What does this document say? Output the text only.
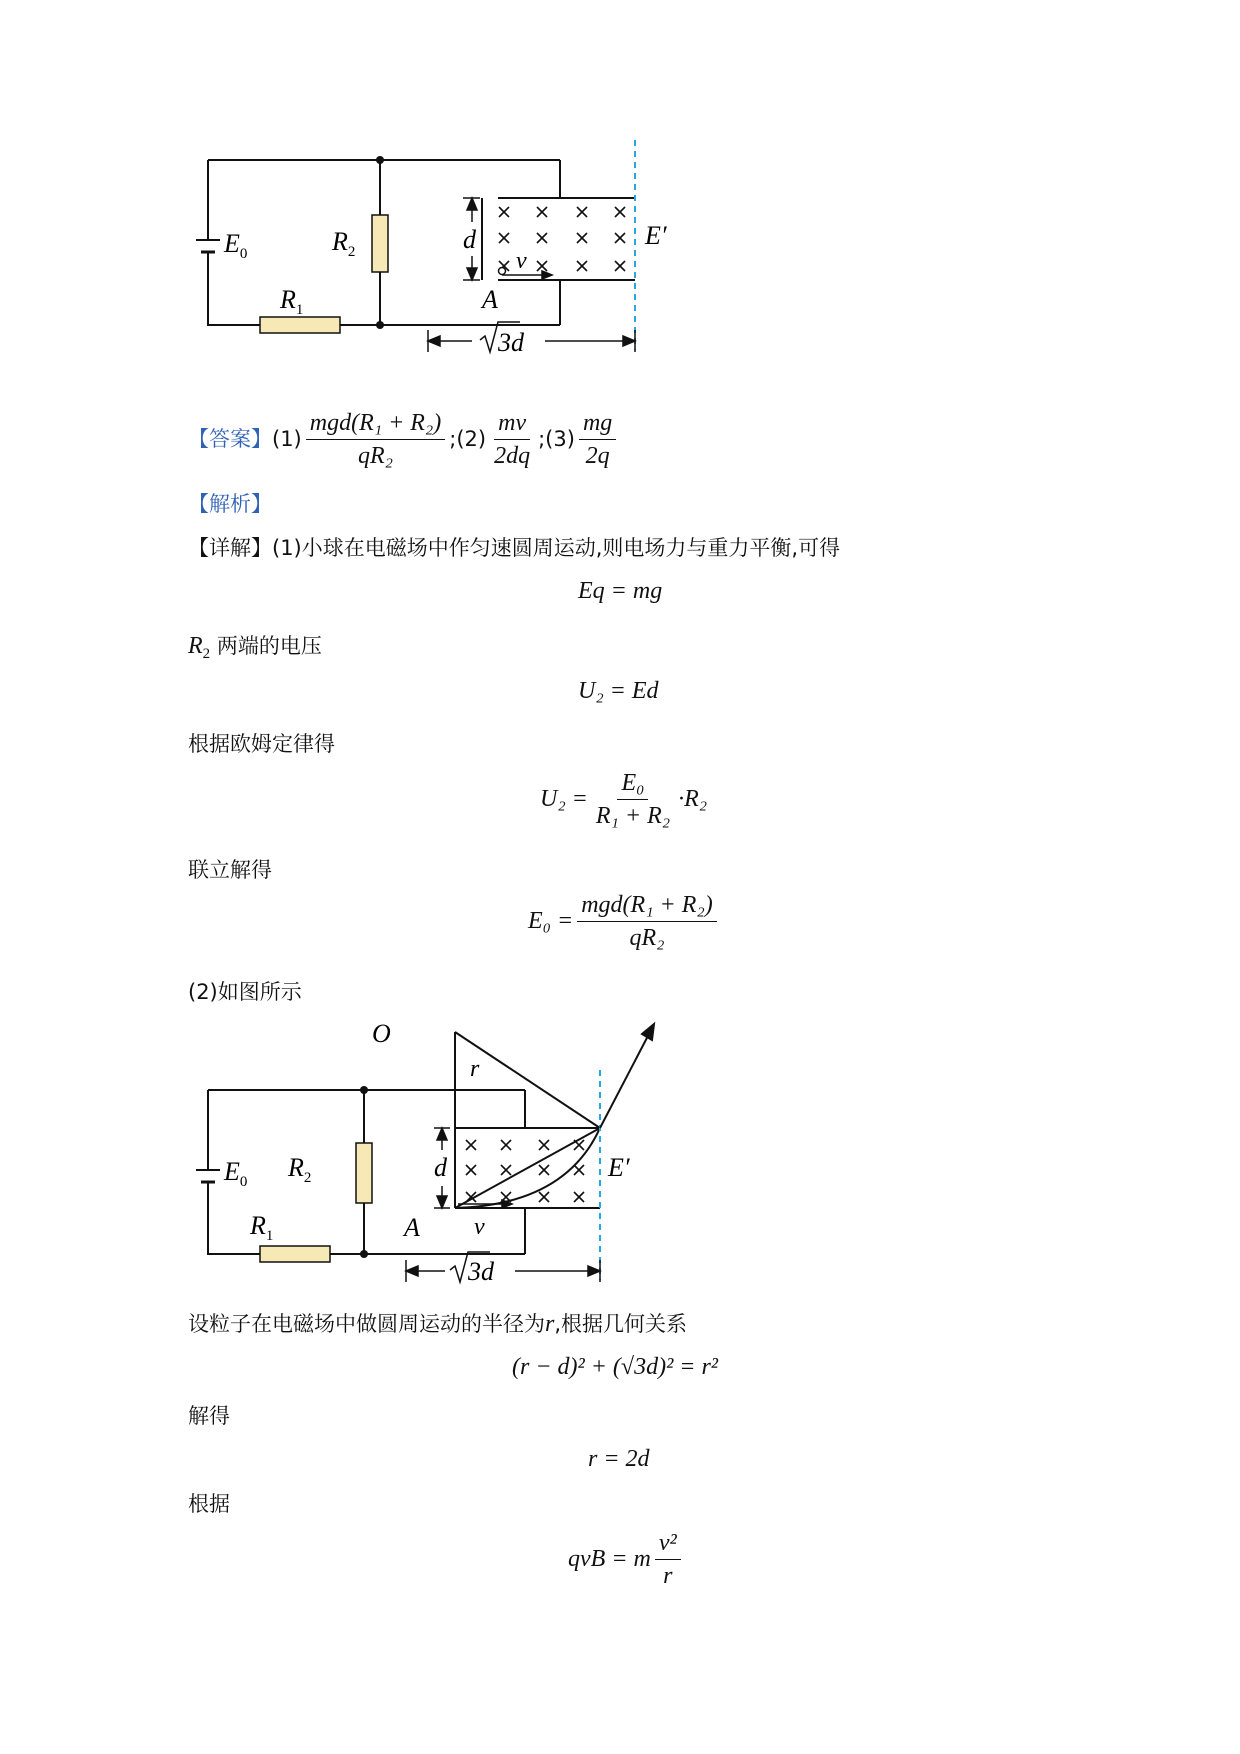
$E_0$	$R_2$
$R_1$
d
v
A
E′
3d
【答案】 $(1) \frac{\text{mgd(R₁ + R₂)}}{\text{qR₂}}$ ;(2) $\frac{mv}{2dq}$ ;(3) $\frac{mg}{2q}$
【解析】
【详解】(1)小球在电磁场中作匀速圆周运动,则电场力与重力平衡,可得
Eq = mg
$R_2$ 两端的电压
U₂ = Ed
根据欧姆定律得
$U_2 = \frac{\text{E₀}}{\text{R₁ + R₂}} \cdot R_2$
联立解得
$E_0 = \frac{\text{mgd(R₁ + R₂)}}{\text{qR₂}}$
(2)如图所示
O
r
$E_0$ $R_2$
$R_1$
d
A v
E′
3d
设粒子在电磁场中做圆周运动的半径为r,根据几何关系
(r − d)² + (√3d)² = r²
解得
r = 2d
根据
qvB = m $\frac{\text{v²}}{r}$
